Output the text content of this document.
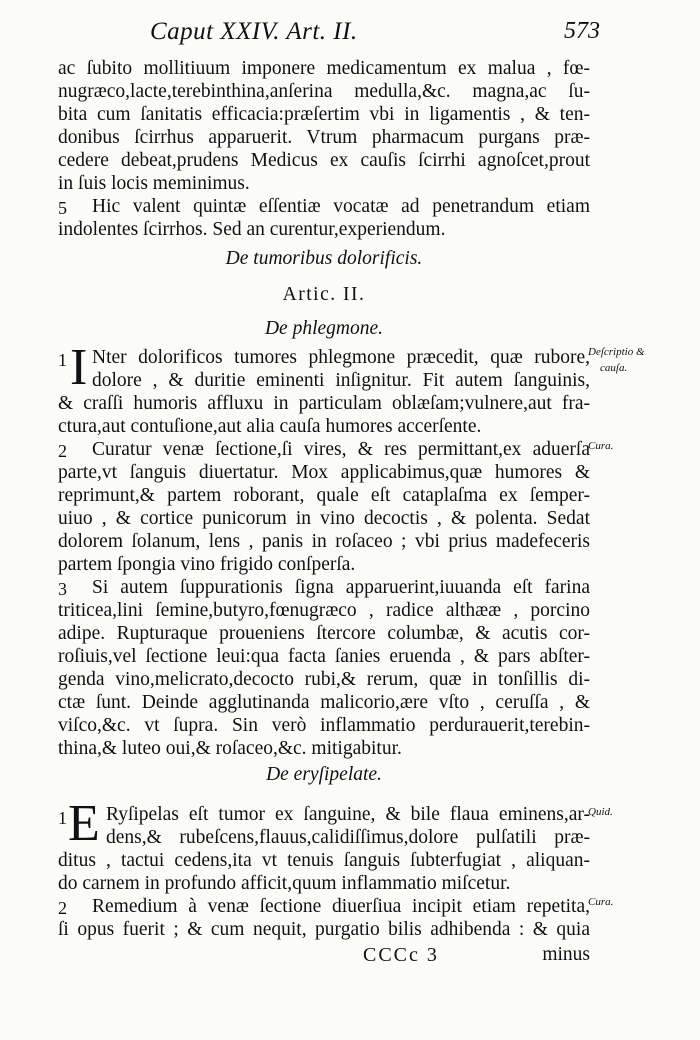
Caput XXIV. Art. II.	573
ac ſubito mollitiuum imponere medicamentum ex malua , fœ-
nugræco,lacte,terebinthina,anſerina medulla,&c. magna,ac ſu-
bita cum ſanitatis efficacia:præſertim vbi in ligamentis , & ten-
donibus ſcirrhus apparuerit. Vtrum pharmacum purgans præ-
cedere debeat,prudens Medicus ex cauſis ſcirrhi agnoſcet,prout
in ſuis locis meminimus.
5 Hic valent quintæ eſſentiæ vocatæ ad penetrandum etiam
indolentes ſcirrhos. Sed an curentur,experiendum.
De tumoribus dolorificis.
Artic. II.
De phlegmone.
1 I Nter dolorificos tumores phlegmone præcedit, quæ rubore,
dolore , & duritie eminenti inſignitur. Fit autem ſanguinis,
& craſſi humoris affluxu in particulam oblæſam;vulnere,aut fra-
ctura,aut contuſione,aut alia cauſa humores accerſente.
Deſcriptio &
cauſa.
2 Curatur venæ ſectione,ſi vires, & res permittant,ex aduerſa
parte,vt ſanguis diuertatur. Mox applicabimus,quæ humores &
reprimunt,& partem roborant, quale eſt cataplaſma ex ſemper-
uiuo , & cortice punicorum in vino decoctis , & polenta. Sedat
dolorem ſolanum, lens , panis in roſaceo ; vbi prius madefeceris
partem ſpongia vino frigido conſperſa.
Cura.
3 Si autem ſuppurationis ſigna apparuerint,iuuanda eſt farina
triticea,lini ſemine,butyro,fœnugræco , radice althææ , porcino
adipe. Rupturaque proueniens ſtercore columbæ, & acutis cor-
roſiuis,vel ſectione leui:qua facta ſanies eruenda , & pars abſter-
genda vino,melicrato,decocto rubi,& rerum, quæ in tonſillis di-
ctæ ſunt. Deinde agglutinanda malicorio,ære vſto , ceruſſa , &
viſco,&c. vt ſupra. Sin verò inflammatio perdurauerit,terebin-
thina,& luteo oui,& roſaceo,&c. mitigabitur.
De eryſipelate.
1 E Ryſipelas eſt tumor ex ſanguine, & bile flaua eminens,ar-
dens,& rubeſcens,flauus,calidiſſimus,dolore pulſatili præ-
ditus , tactui cedens,ita vt tenuis ſanguis ſubterfugiat , aliquan-
do carnem in profundo afficit,quum inflammatio miſcetur.
Quid.
2 Remedium à venæ ſectione diuerſiua incipit etiam repetita,
ſi opus fuerit ; & cum nequit, purgatio bilis adhibenda : & quia
Cura.
CCCc 3	minus
